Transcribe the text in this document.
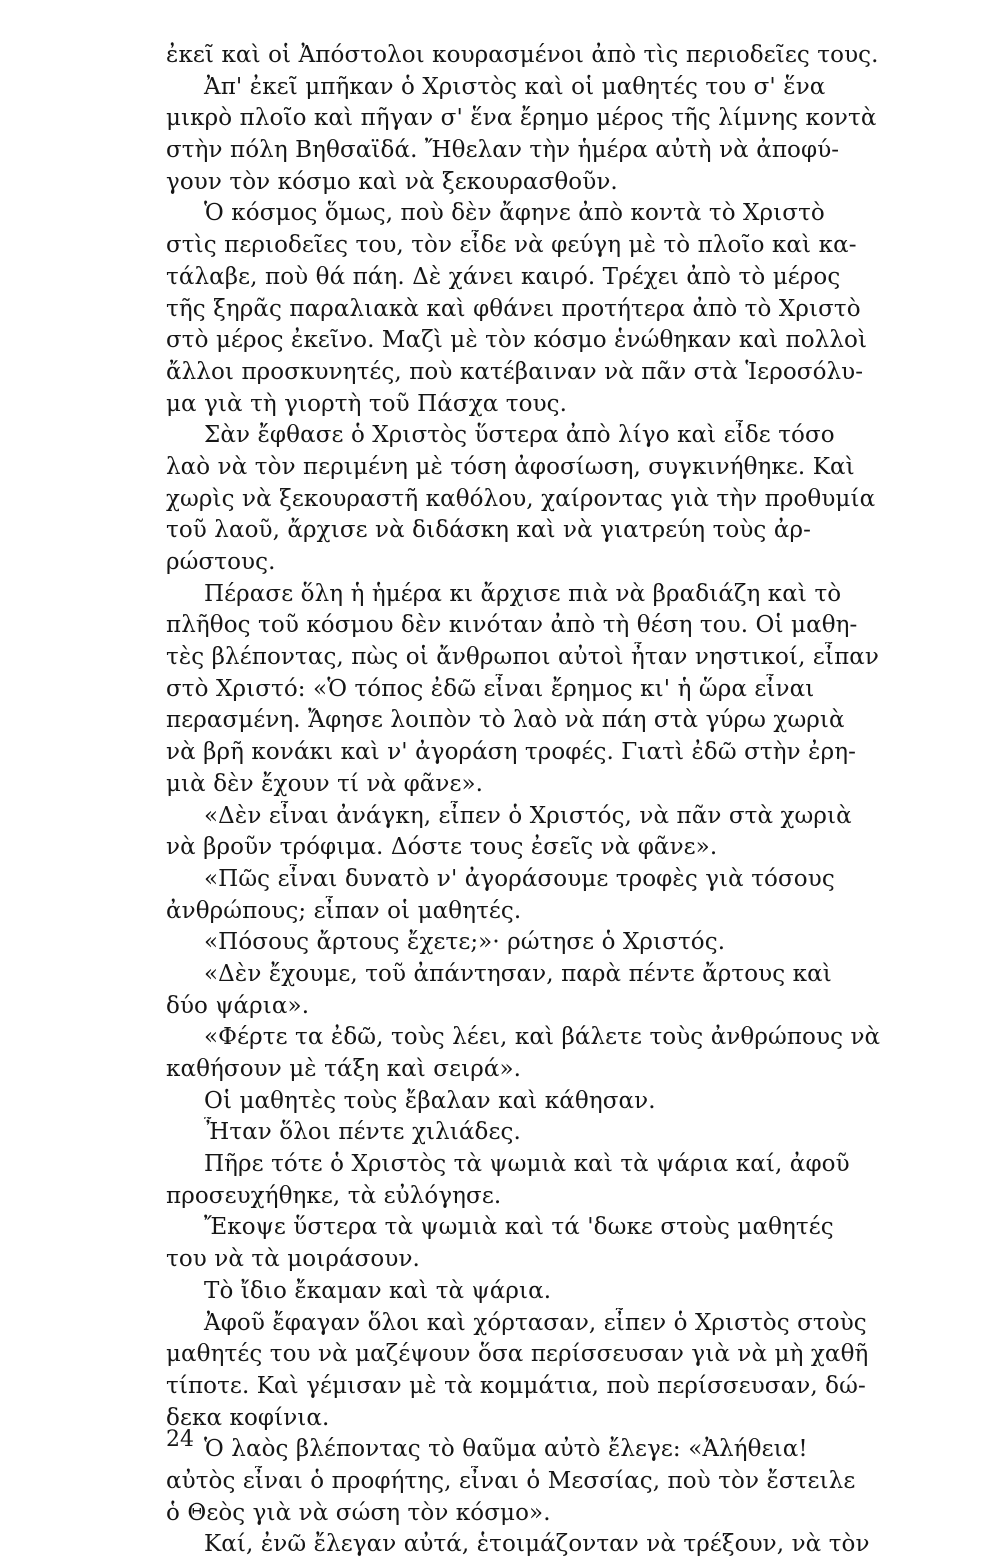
ἐκεῖ καὶ οἱ Ἀπόστολοι κουρασμένοι ἀπὸ τὶς περιοδεῖες τους.
Ἀπ' ἐκεῖ μπῆκαν ὁ Χριστὸς καὶ οἱ μαθητές του σ' ἕνα
μικρὸ πλοῖο καὶ πῆγαν σ' ἕνα ἔρημο μέρος τῆς λίμνης κοντὰ
στὴν πόλη Βηθσαϊδά. Ἤθελαν τὴν ἡμέρα αὐτὴ νὰ ἀποφύ-
γουν τὸν κόσμο καὶ νὰ ξεκουρασθοῦν.
Ὁ κόσμος ὅμως, ποὺ δὲν ἄφηνε ἀπὸ κοντὰ τὸ Χριστὸ
στὶς περιοδεῖες του, τὸν εἶδε νὰ φεύγη μὲ τὸ πλοῖο καὶ κα-
τάλαβε, ποὺ θά πάη. Δὲ χάνει καιρό. Τρέχει ἀπὸ τὸ μέρος
τῆς ξηρᾶς παραλιακὰ καὶ φθάνει προτήτερα ἀπὸ τὸ Χριστὸ
στὸ μέρος ἐκεῖνο. Μαζὶ μὲ τὸν κόσμο ἑνώθηκαν καὶ πολλοὶ
ἄλλοι προσκυνητές, ποὺ κατέβαιναν νὰ πᾶν στὰ Ἱεροσόλυ-
μα γιὰ τὴ γιορτὴ τοῦ Πάσχα τους.
Σὰν ἔφθασε ὁ Χριστὸς ὕστερα ἀπὸ λίγο καὶ εἶδε τόσο
λαὸ νὰ τὸν περιμένη μὲ τόση ἀφοσίωση, συγκινήθηκε. Καὶ
χωρὶς νὰ ξεκουραστῆ καθόλου, χαίροντας γιὰ τὴν προθυμία
τοῦ λαοῦ, ἄρχισε νὰ διδάσκη καὶ νὰ γιατρεύη τοὺς ἀρ-
ρώστους.
Πέρασε ὅλη ἡ ἡμέρα κι ἄρχισε πιὰ νὰ βραδιάζη καὶ τὸ
πλῆθος τοῦ κόσμου δὲν κινόταν ἀπὸ τὴ θέση του. Οἱ μαθη-
τὲς βλέποντας, πὼς οἱ ἄνθρωποι αὐτοὶ ἦταν νηστικοί, εἶπαν
στὸ Χριστό: «Ὁ τόπος ἐδῶ εἶναι ἔρημος κι' ἡ ὥρα εἶναι
περασμένη. Ἄφησε λοιπὸν τὸ λαὸ νὰ πάη στὰ γύρω χωριὰ
νὰ βρῆ κονάκι καὶ ν' ἀγοράση τροφές. Γιατὶ ἐδῶ στὴν ἐρη-
μιὰ δὲν ἔχουν τί νὰ φᾶνε».
«Δὲν εἶναι ἀνάγκη, εἶπεν ὁ Χριστός, νὰ πᾶν στὰ χωριὰ
νὰ βροῦν τρόφιμα. Δόστε τους ἐσεῖς νὰ φᾶνε».
«Πῶς εἶναι δυνατὸ ν' ἀγοράσουμε τροφὲς γιὰ τόσους
ἀνθρώπους; εἶπαν οἱ μαθητές.
«Πόσους ἄρτους ἔχετε;»· ρώτησε ὁ Χριστός.
«Δὲν ἔχουμε, τοῦ ἀπάντησαν, παρὰ πέντε ἄρτους καὶ
δύο ψάρια».
«Φέρτε τα ἐδῶ, τοὺς λέει, καὶ βάλετε τοὺς ἀνθρώπους νὰ
καθήσουν μὲ τάξη καὶ σειρά».
Οἱ μαθητὲς τοὺς ἔβαλαν καὶ κάθησαν.
Ἦταν ὅλοι πέντε χιλιάδες.
Πῆρε τότε ὁ Χριστὸς τὰ ψωμιὰ καὶ τὰ ψάρια καί, ἀφοῦ
προσευχήθηκε, τὰ εὐλόγησε.
Ἔκοψε ὕστερα τὰ ψωμιὰ καὶ τά 'δωκε στοὺς μαθητές
του νὰ τὰ μοιράσουν.
Τὸ ἴδιο ἔκαμαν καὶ τὰ ψάρια.
Ἀφοῦ ἔφαγαν ὅλοι καὶ χόρτασαν, εἶπεν ὁ Χριστὸς στοὺς
μαθητές του νὰ μαζέψουν ὅσα περίσσευσαν γιὰ νὰ μὴ χαθῆ
τίποτε. Καὶ γέμισαν μὲ τὰ κομμάτια, ποὺ περίσσευσαν, δώ-
δεκα κοφίνια.
Ὁ λαὸς βλέποντας τὸ θαῦμα αὐτὸ ἔλεγε: «Ἀλήθεια!
αὐτὸς εἶναι ὁ προφήτης, εἶναι ὁ Μεσσίας, ποὺ τὸν ἔστειλε
ὁ Θεὸς γιὰ νὰ σώση τὸν κόσμο».
Καί, ἐνῶ ἔλεγαν αὐτά, ἑτοιμάζονταν νὰ τρέξουν, νὰ τὸν
24
